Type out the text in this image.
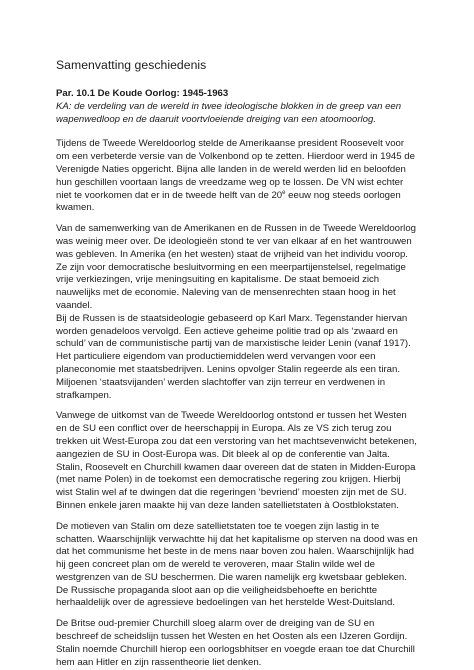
Samenvatting geschiedenis
Par. 10.1 De Koude Oorlog: 1945-1963
KA: de verdeling van de wereld in twee ideologische blokken in de greep van een wapenwedloop en de daaruit voortvloeiende dreiging van een atoomoorlog.

Tijdens de Tweede Wereldoorlog stelde de Amerikaanse president Roosevelt voor om een verbeterde versie van de Volkenbond op te zetten. Hierdoor werd in 1945 de Verenigde Naties opgericht. Bijna alle landen in de wereld werden lid en beloofden hun geschillen voortaan langs de vreedzame weg op te lossen. De VN wist echter niet te voorkomen dat er in de tweede helft van de 20e eeuw nog steeds oorlogen kwamen.

Van de samenwerking van de Amerikanen en de Russen in de Tweede Wereldoorlog was weinig meer over. De ideologieën stond te ver van elkaar af en het wantrouwen was gebleven. In Amerika (en het westen) staat de vrijheid van het individu voorop. Ze zijn voor democratische besluitvorming en een meerpartijenstelsel, regelmatige vrije verkiezingen, vrije meningsuiting en kapitalisme. De staat bemoeid zich nauwelijks met de economie. Naleving van de mensenrechten staan hoog in het vaandel.

Bij de Russen is de staatsideologie gebaseerd op Karl Marx. Tegenstander hiervan worden genadeloos vervolgd. Een actieve geheime politie trad op als ‘zwaard en schuld’ van de communistische partij van de marxistische leider Lenin (vanaf 1917). Het particuliere eigendom van productiemiddelen werd vervangen voor een planeconomie met staatsbedrijven. Lenins opvolger Stalin regeerde als een tiran. Miljoenen ‘staatsvijanden’ werden slachtoffer van zijn terreur en verdwenen in strafkampen.

Vanwege de uitkomst van de Tweede Wereldoorlog ontstond er tussen het Westen en de SU een conflict over de heerschappij in Europa. Als ze VS zich terug zou trekken uit West-Europa zou dat een verstoring van het machtsevenwicht betekenen, aangezien de SU in Oost-Europa was. Dit bleek al op de conferentie van Jalta. Stalin, Roosevelt en Churchill kwamen daar overeen dat de staten in Midden-Europa (met name Polen) in de toekomst een democratische regering zou krijgen. Hierbij wist Stalin wel af te dwingen dat die regeringen ‘bevriend’ moesten zijn met de SU. Binnen enkele jaren maakte hij van deze landen satellietstaten à Oostblokstaten.

De motieven van Stalin om deze satellietstaten toe te voegen zijn lastig in te schatten. Waarschijnlijk verwachtte hij dat het kapitalisme op sterven na dood was en dat het communisme het beste in de mens naar boven zou halen. Waarschijnlijk had hij geen concreet plan om de wereld te veroveren, maar Stalin wilde wel de westgrenzen van de SU beschermen. Die waren namelijk erg kwetsbaar gebleken. De Russische propaganda sloot aan op die veiligheidsbehoefte en berichtte herhaaldelijk over de agressieve bedoelingen van het herstelde West-Duitsland.

De Britse oud-premier Churchill sloeg alarm over de dreiging van de SU en beschreef de scheidslijn tussen het Westen en het Oosten als een IJzeren Gordijn. Stalin noemde Churchill hierop een oorlogsbhitser en voegde eraan toe dat Churchill hem aan Hitler en zijn rassentheorie liet denken.
